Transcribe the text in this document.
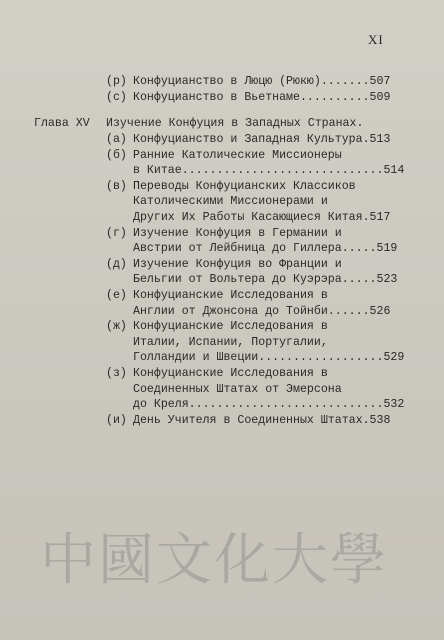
XI
(р) Конфуцианство в Люцю (Рюкю).......507
(с) Конфуцианство в Вьетнаме..........509
Глава XV Изучение Конфуция в Западных Странах.
(а) Конфуцианство и Западная Культура.513
(б) Ранние Католические Миссионеры
в Китае.............................514
(в) Переводы Конфуцианских Классиков
Католическими Миссионерами и
Других Их Работы Касающиеся Китая.517
(г) Изучение Конфуция в Германии и
Австрии от Лейбница до Гиллера.....519
(д) Изучение Конфуция во Франции и
Бельгии от Вольтера до Куэрэра.....523
(е) Конфуцианские Исследования в
Англии от Джонсона до Тойнби......526
(ж) Конфуцианские Исследования в
Италии, Испании, Португалии,
Голландии и Швеции..................529
(з) Конфуцианские Исследования в
Соединенных Штатах от Эмерсона
до Креля............................532
(и) День Учителя в Соединенных Штатах.538
中國文化大學
